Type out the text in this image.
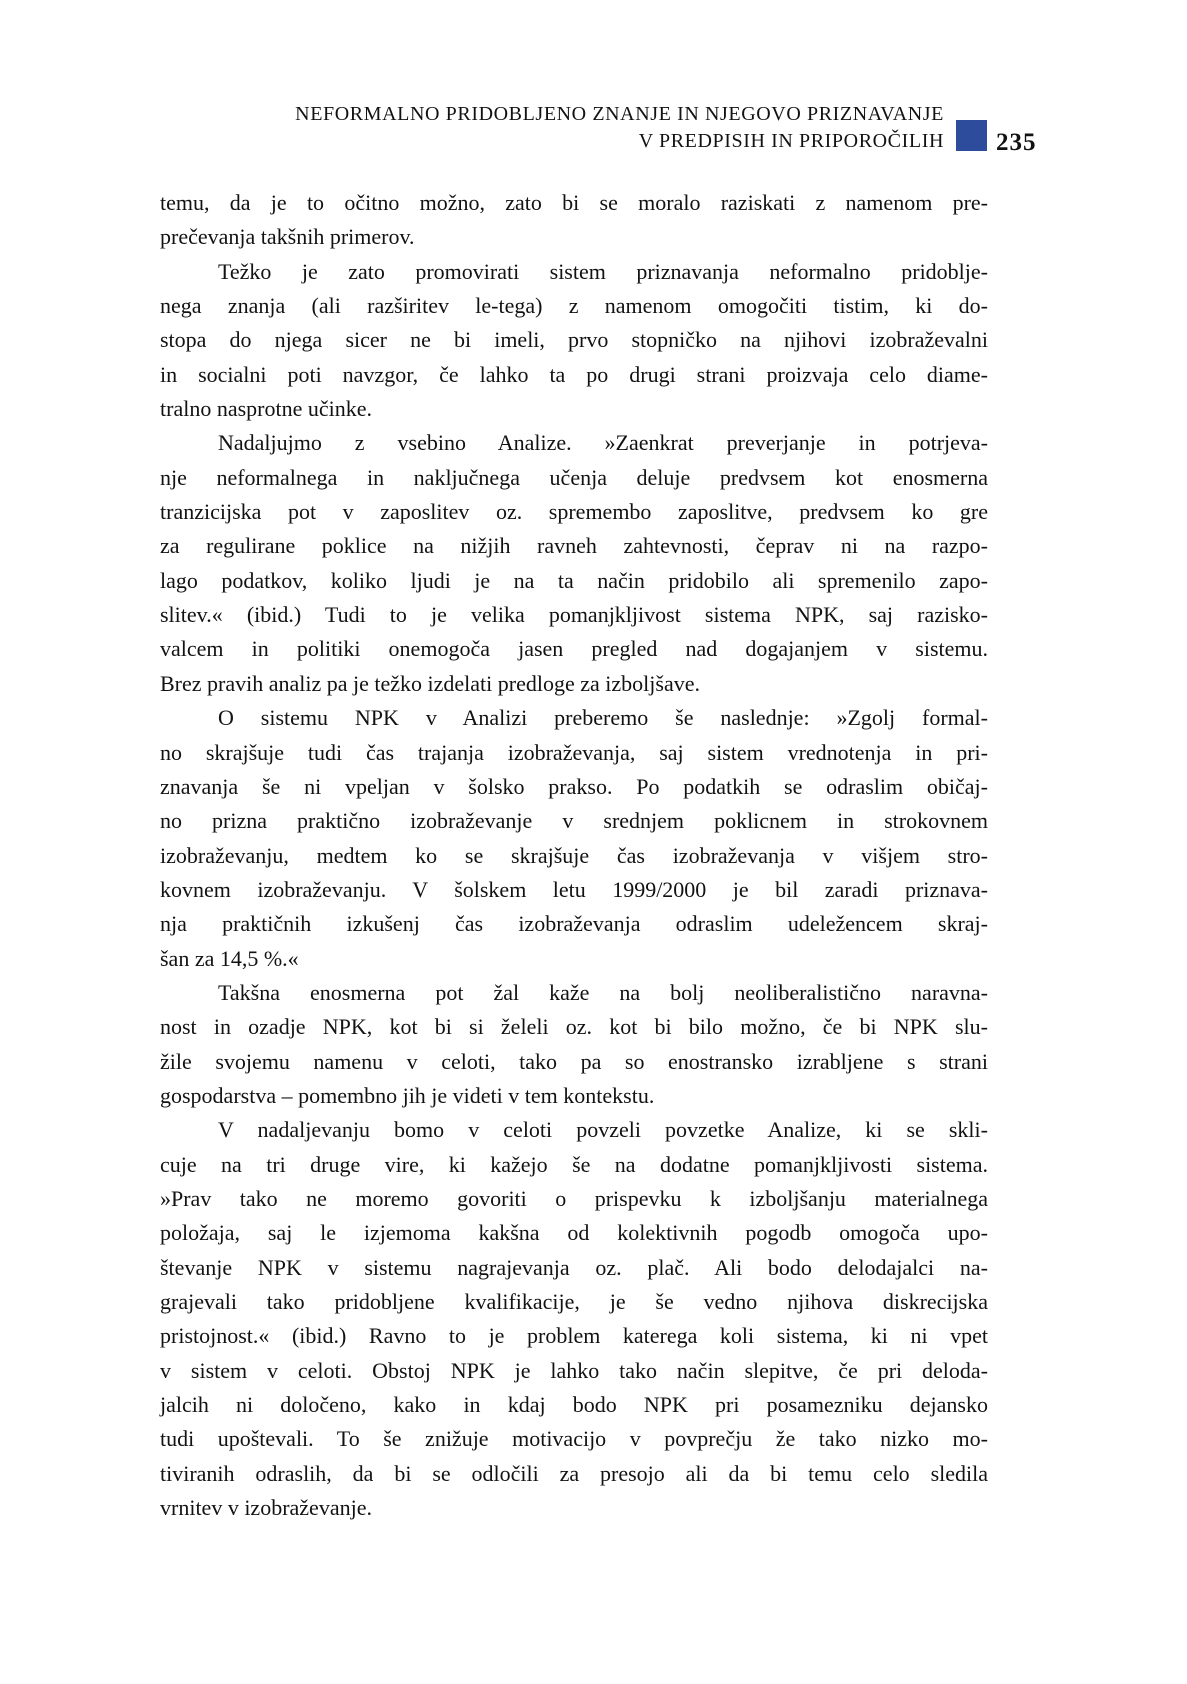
NEFORMALNO PRIDOBLJENO ZNANJE IN NJEGOVO PRIZNAVANJE
V PREDPISIH IN PRIPOROČILIH 235
temu, da je to očitno možno, zato bi se moralo raziskati z namenom pre-
prečevanja takšnih primerov.
Težko je zato promovirati sistem priznavanja neformalno pridoblje-
nega znanja (ali razširitev le-tega) z namenom omogočiti tistim, ki do-
stopa do njega sicer ne bi imeli, prvo stopničko na njihovi izobraževalni
in socialni poti navzgor, če lahko ta po drugi strani proizvaja celo diame-
tralno nasprotne učinke.
Nadaljujmo z vsebino Analize. »Zaenkrat preverjanje in potrjeva-
nje neformalnega in naključnega učenja deluje predvsem kot enosmerna
tranzicijska pot v zaposlitev oz. spremembo zaposlitve, predvsem ko gre
za regulirane poklice na nižjih ravneh zahtevnosti, čeprav ni na razpo-
lago podatkov, koliko ljudi je na ta način pridobilo ali spremenilo zapo-
slitev.« (ibid.) Tudi to je velika pomanjkljivost sistema NPK, saj razisko-
valcem in politiki onemogoča jasen pregled nad dogajanjem v sistemu.
Brez pravih analiz pa je težko izdelati predloge za izboljšave.
O sistemu NPK v Analizi preberemo še naslednje: »Zgolj formal-
no skrajšuje tudi čas trajanja izobraževanja, saj sistem vrednotenja in pri-
znavanja še ni vpeljan v šolsko prakso. Po podatkih se odraslim običaj-
no prizna praktično izobraževanje v srednjem poklicnem in strokovnem
izobraževanju, medtem ko se skrajšuje čas izobraževanja v višjem stro-
kovnem izobraževanju. V šolskem letu 1999/2000 je bil zaradi priznava-
nja praktičnih izkušenj čas izobraževanja odraslim udeležencem skraj-
šan za 14,5 %.«
Takšna enosmerna pot žal kaže na bolj neoliberalistično naravna-
nost in ozadje NPK, kot bi si želeli oz. kot bi bilo možno, če bi NPK slu-
žile svojemu namenu v celoti, tako pa so enostransko izrabljene s strani
gospodarstva – pomembno jih je videti v tem kontekstu.
V nadaljevanju bomo v celoti povzeli povzetke Analize, ki se skli-
cuje na tri druge vire, ki kažejo še na dodatne pomanjkljivosti sistema.
»Prav tako ne moremo govoriti o prispevku k izboljšanju materialnega
položaja, saj le izjemoma kakšna od kolektivnih pogodb omogoča upo-
števanje NPK v sistemu nagrajevanja oz. plač. Ali bodo delodajalci na-
grajevali tako pridobljene kvalifikacije, je še vedno njihova diskrecijska
pristojnost.« (ibid.) Ravno to je problem katerega koli sistema, ki ni vpet
v sistem v celoti. Obstoj NPK je lahko tako način slepitve, če pri deloda-
jalcih ni določeno, kako in kdaj bodo NPK pri posamezniku dejansko
tudi upoštevali. To še znižuje motivacijo v povprečju že tako nizko mo-
tiviranih odraslih, da bi se odločili za presojo ali da bi temu celo sledila
vrnitev v izobraževanje.
